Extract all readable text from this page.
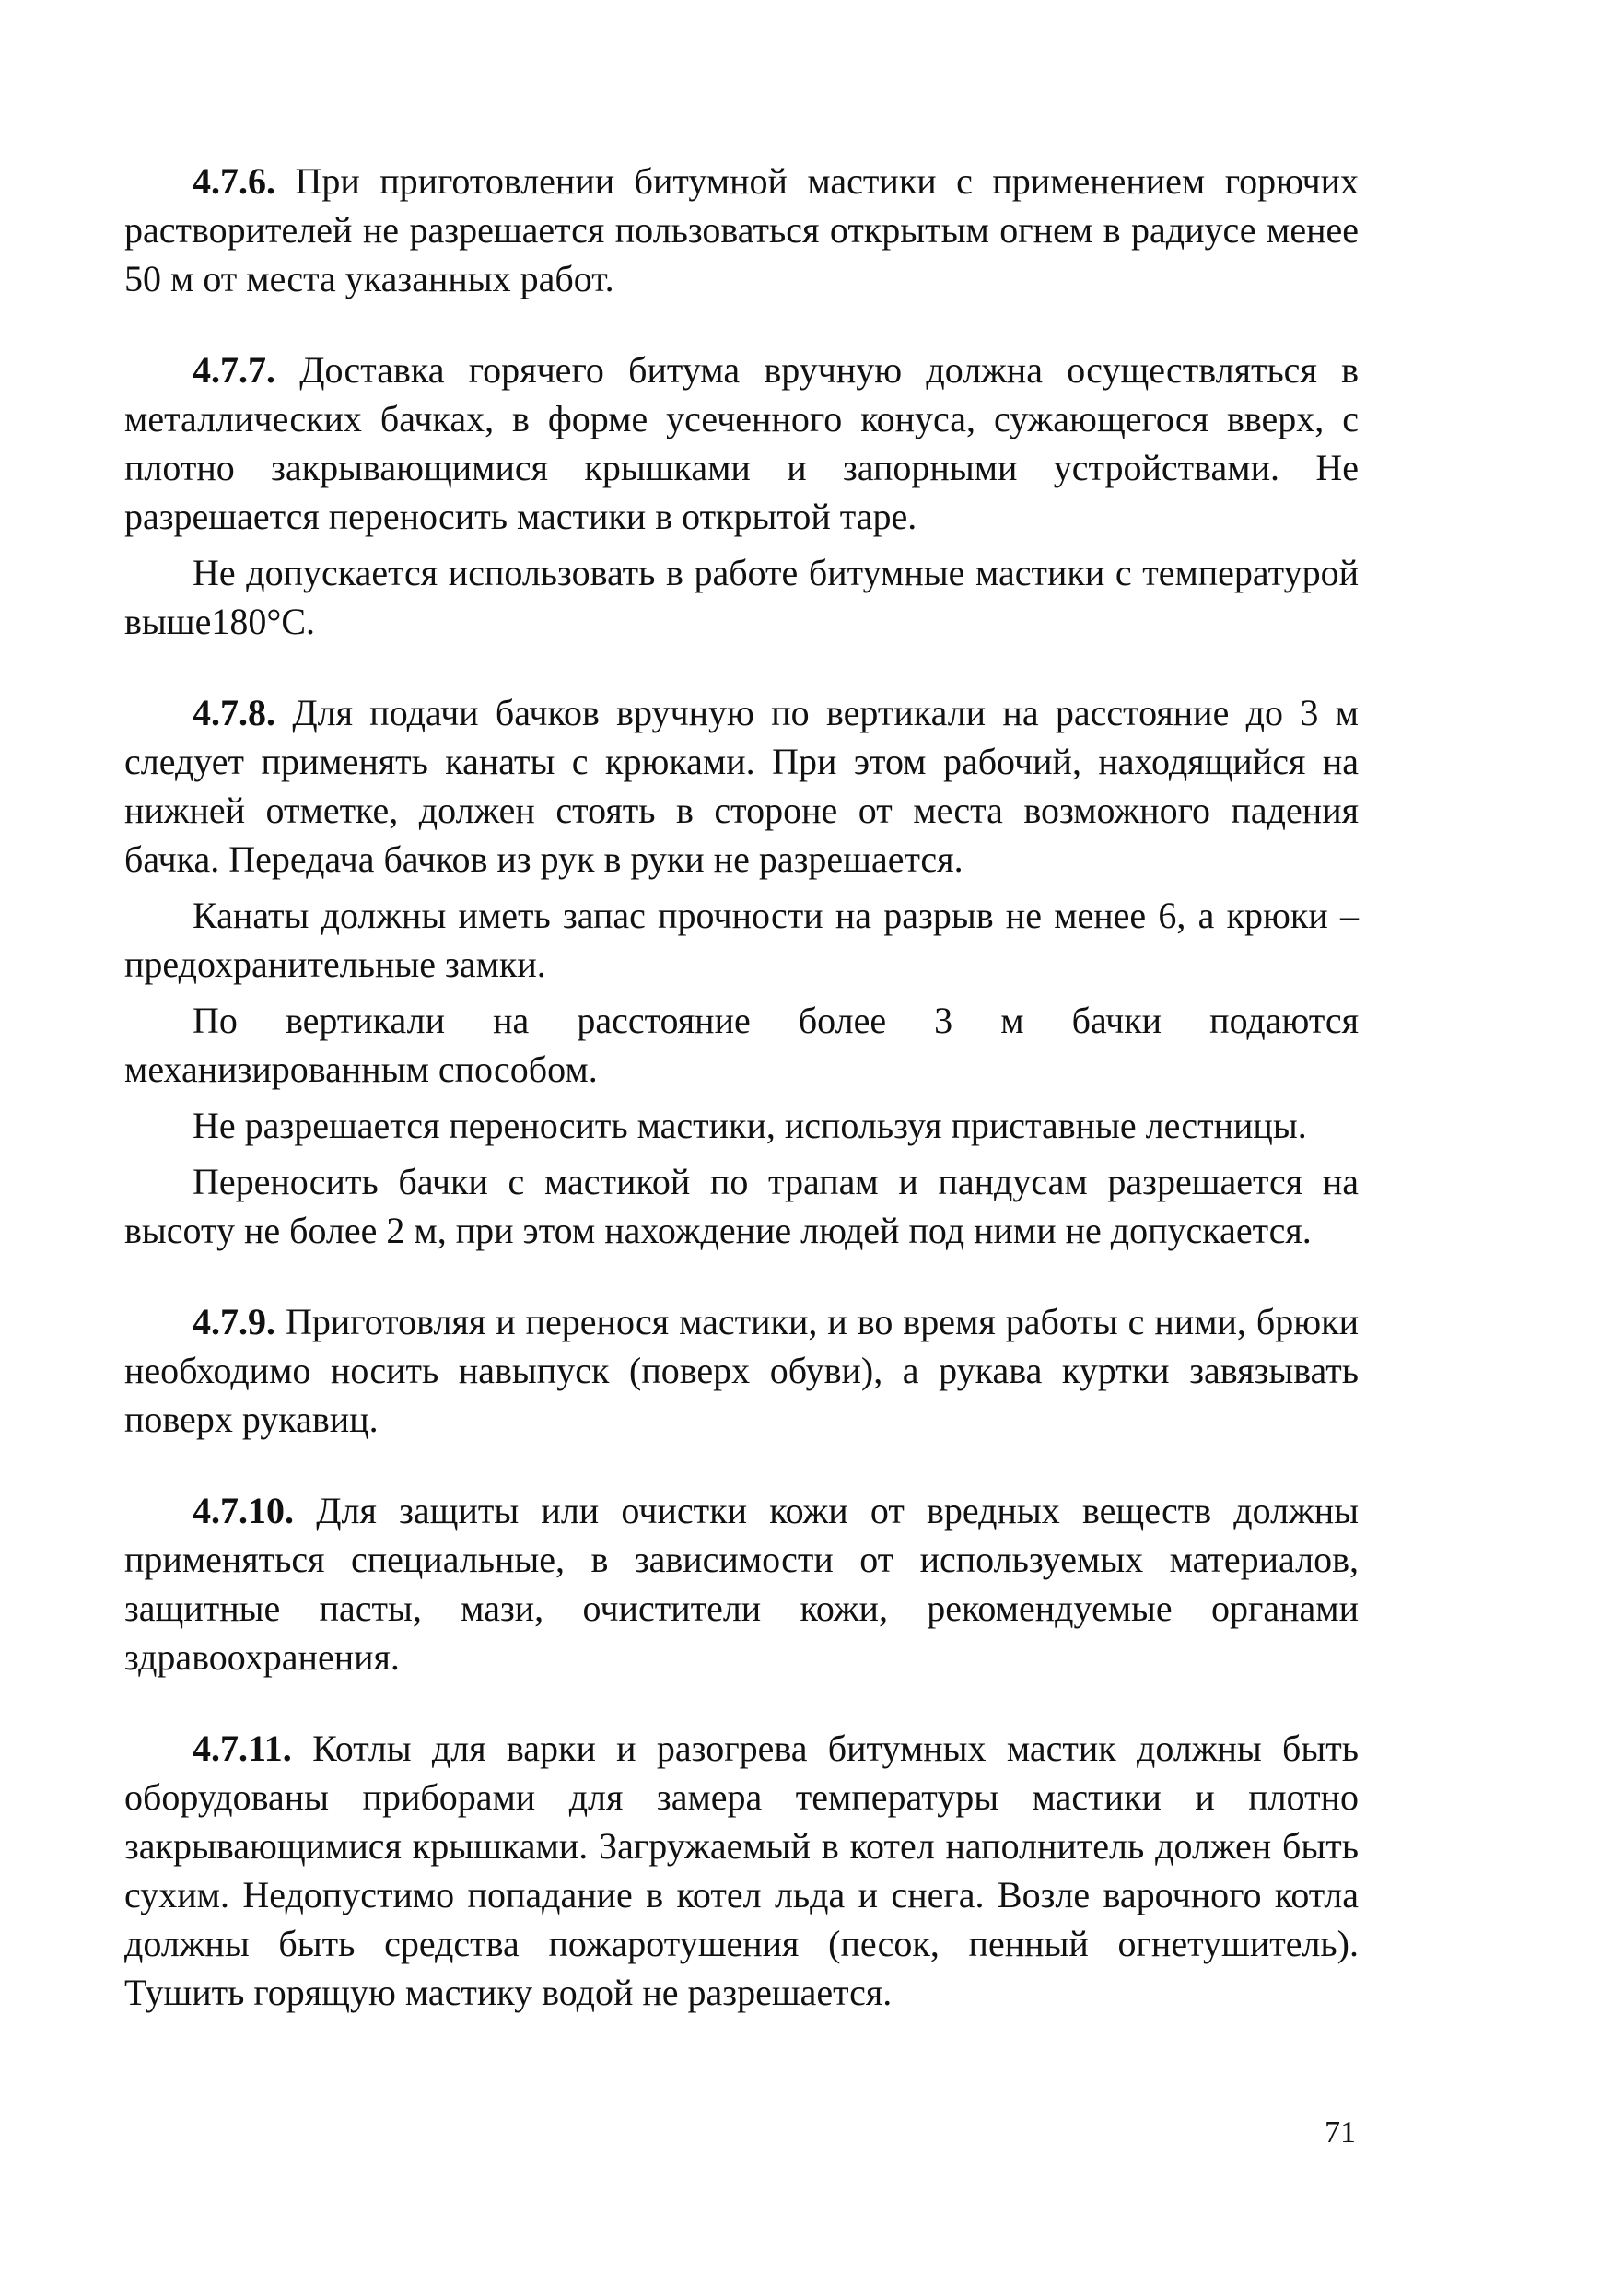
4.7.6. При приготовлении битумной мастики с применением горючих растворителей не разрешается пользоваться открытым огнем в радиусе менее 50 м от места указанных работ.

4.7.7. Доставка горячего битума вручную должна осуществляться в металлических бачках, в форме усеченного конуса, сужающегося вверх, с плотно закрывающимися крышками и запорными устройствами. Не разрешается переносить мастики в открытой таре.

Не допускается использовать в работе битумные мастики с температурой выше180°С.

4.7.8. Для подачи бачков вручную по вертикали на расстояние до 3 м следует применять канаты с крюками. При этом рабочий, находящийся на нижней отметке, должен стоять в стороне от места возможного падения бачка. Передача бачков из рук в руки не разрешается.

Канаты должны иметь запас прочности на разрыв не менее 6, а крюки – предохранительные замки.

По вертикали на расстояние более 3 м бачки подаются механизированным способом.

Не разрешается переносить мастики, используя приставные лестницы.

Переносить бачки с мастикой по трапам и пандусам разрешается на высоту не более 2 м, при этом нахождение людей под ними не допускается.

4.7.9. Приготовляя и перенося мастики, и во время работы с ними, брюки необходимо носить навыпуск (поверх обуви), а рукава куртки завязывать поверх рукавиц.

4.7.10. Для защиты или очистки кожи от вредных веществ должны применяться специальные, в зависимости от используемых материалов, защитные пасты, мази, очистители кожи, рекомендуемые органами здравоохранения.

4.7.11. Котлы для варки и разогрева битумных мастик должны быть оборудованы приборами для замера температуры мастики и плотно закрывающимися крышками. Загружаемый в котел наполнитель должен быть сухим. Недопустимо попадание в котел льда и снега. Возле варочного котла должны быть средства пожаротушения (песок, пенный огнетушитель). Тушить горящую мастику водой не разрешается.

71
